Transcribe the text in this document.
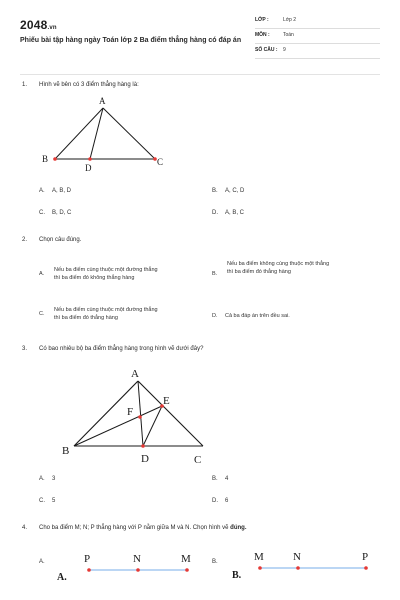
2048.vn
Phiếu bài tập hàng ngày Toán lớp 2 Ba điểm thẳng hàng có đáp án
LỚP :	Lớp 2
MÔN :	Toán
SỐ CÂU : 9
1. Hình vẽ bên có 3 điểm thẳng hàng là:
A
B	C
D
A. A, B, D	B. A, C, D
C. B, D, C	D. A, B, C
2. Chọn câu đúng.
A.
Nếu ba điểm cùng thuộc một đường thẳng
thì ba điểm đó không thẳng hàng
B.
Nếu ba điểm không cùng thuộc một thẳng
thì ba điểm đó thẳng hàng
C.
Nếu ba điểm cùng thuộc một đường thẳng
thì ba điểm đó thẳng hàng	D. Cả ba đáp án trên đều sai.
3. Có bao nhiêu bộ ba điểm thẳng hàng trong hình vẽ dưới đây?
A
B
C
D
E
F
A. 3	B. 4
C. 5	D. 6
4. Cho ba điểm M; N; P thẳng hàng với P nằm giữa M và N. Chọn hình vẽ đúng.
A.	B.
P	N	M
A.
M	N	P
B.
